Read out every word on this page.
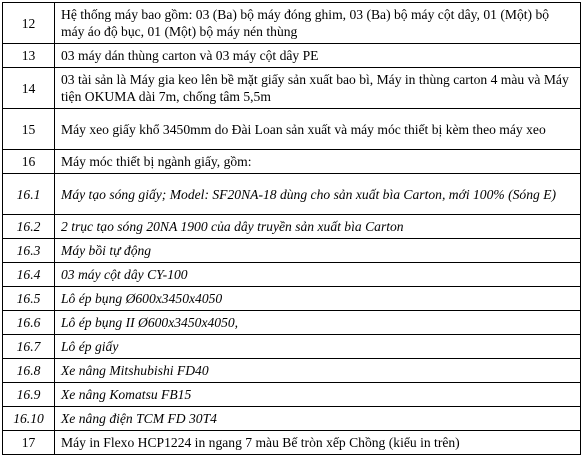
12	Hệ thống máy bao gồm: 03 (Ba) bộ máy đóng ghim, 03 (Ba) bộ máy cột dây, 01 (Một) bộ máy áo độ bục, 01 (Một) bộ máy nén thùng
13	03 máy dán thùng carton và 03 máy cột dây PE
14	03 tài sản là Máy gia keo lên bề mặt giấy sản xuất bao bì, Máy in thùng carton 4 màu và Máy tiện OKUMA dài 7m, chống tâm 5,5m
15	Máy xeo giấy khổ 3450mm do Đài Loan sản xuất và máy móc thiết bị kèm theo máy xeo
16	Máy móc thiết bị ngành giấy, gồm:
16.1	Máy tạo sóng giấy; Model: SF20NA-18 dùng cho sản xuất bìa Carton, mới 100% (Sóng E)
16.2	2 trục tạo sóng 20NA 1900 của dây truyền sản xuất bìa Carton
16.3	Máy bồi tự động
16.4	03 máy cột dây CY-100
16.5	Lô ép bụng Ø600x3450x4050
16.6	Lô ép bụng II Ø600x3450x4050,
16.7	Lô ép giấy
16.8	Xe nâng Mitshubishi FD40
16.9	Xe nâng Komatsu FB15
16.10	Xe nâng điện TCM FD 30T4
17	Máy in Flexo HCP1224 in ngang 7 màu Bế tròn xếp Chồng (kiểu in trên)
